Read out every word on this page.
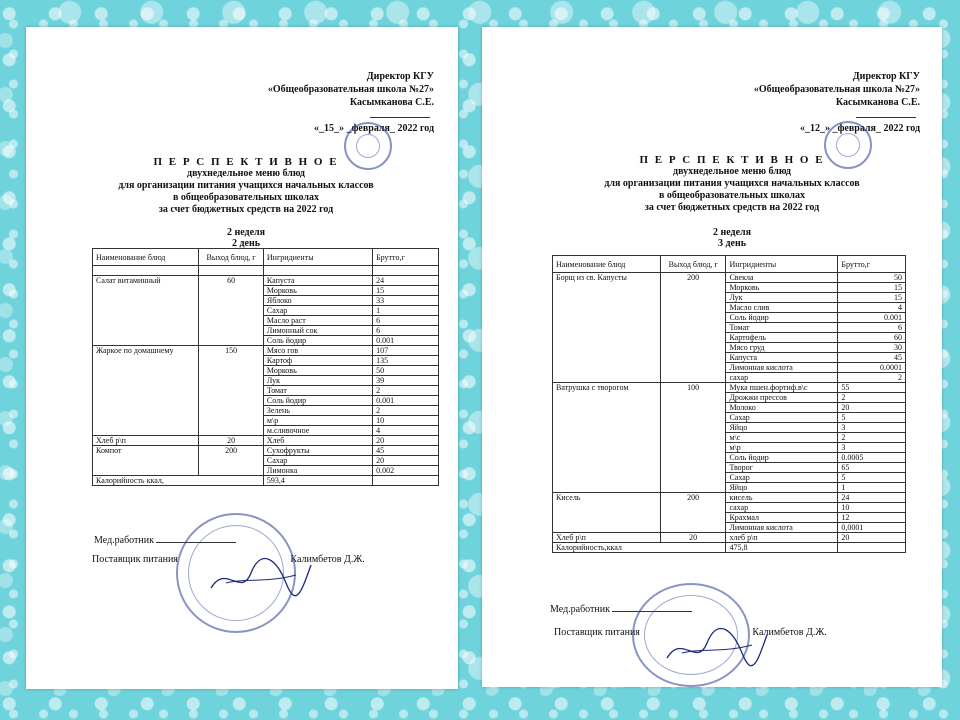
Директор КГУ
«Общеобразовательная школа №27»
Касымканова С.Е.
«_15_» _февраля_ 2022 год
П Е Р С П Е К Т И В Н О Е
двухнедельное меню блюд
для организации питания учащихся начальных классов
в общеобразовательных школах
за счет бюджетных средств на 2022 год
2 неделя
2 день
Наименование блюд	Выход блюд, г	Ингридиенты	Брутто,г

Салат витаминный	60	Капуста	24
		Морковь	15
		Яблоко	33
		Сахар	1
		Масло раст	6
		Лимонный сок	6
		Соль йодир	0.001
Жаркое по домашнему	150	Мясо гов	107
		Картоф	135
		Морковь	50
		Лук	39
		Томат	2
		Соль йодир	0.001
		Зелень	2
		м\р	10
		м.сливочное	4
Хлеб р\п	20	Хлеб	20
Компот	200	Сухофрукты	45
		Сахар	20
		Лимонка	0.002
Калорийность ккал,		593,4	
Мед.работник
Поставщик питания	Калимбетов Д.Ж.
Директор КГУ
«Общеобразовательная школа №27»
Касымканова С.Е.
«_12_» _февраля_ 2022 год
П Е Р С П Е К Т И В Н О Е
двухнедельное меню блюд
для организации питания учащихся начальных классов
в общеобразовательных школах
за счет бюджетных средств на 2022 год
2 неделя
3 день
Наименование блюд	Выход блюд, г	Ингридиенты	Брутто,г
Борщ из св. Капусты	200	Свекла	50
		Морковь	15
		Лук	15
		Масло слив	4
		Соль йодир	0.001
		Томат	6
		Картофель	60
		Мясо груд	30
		Капуста	45
		Лимонная кислота	0.0001
		сахар	2
Ватрушка с творогом	100	Мука пшен.фортиф.в\с	55
		Дрожжи прессов	2
		Молоко	20
		Сахар	5
		Яйцо	3
		м\с	2
		м\р	3
		Соль йодир	0.0005
		Творог	65
		Сахар	5
		Яйцо	1
Кисель	200	кисель	24
		сахар	10
		Крахмал	12
		Лимонная кислота	0,0001
Хлеб р\п	20	хлеб р\п	20
Калорийность,ккал		475,8	
Мед.работник
Поставщик питания	Калимбетов Д.Ж.
